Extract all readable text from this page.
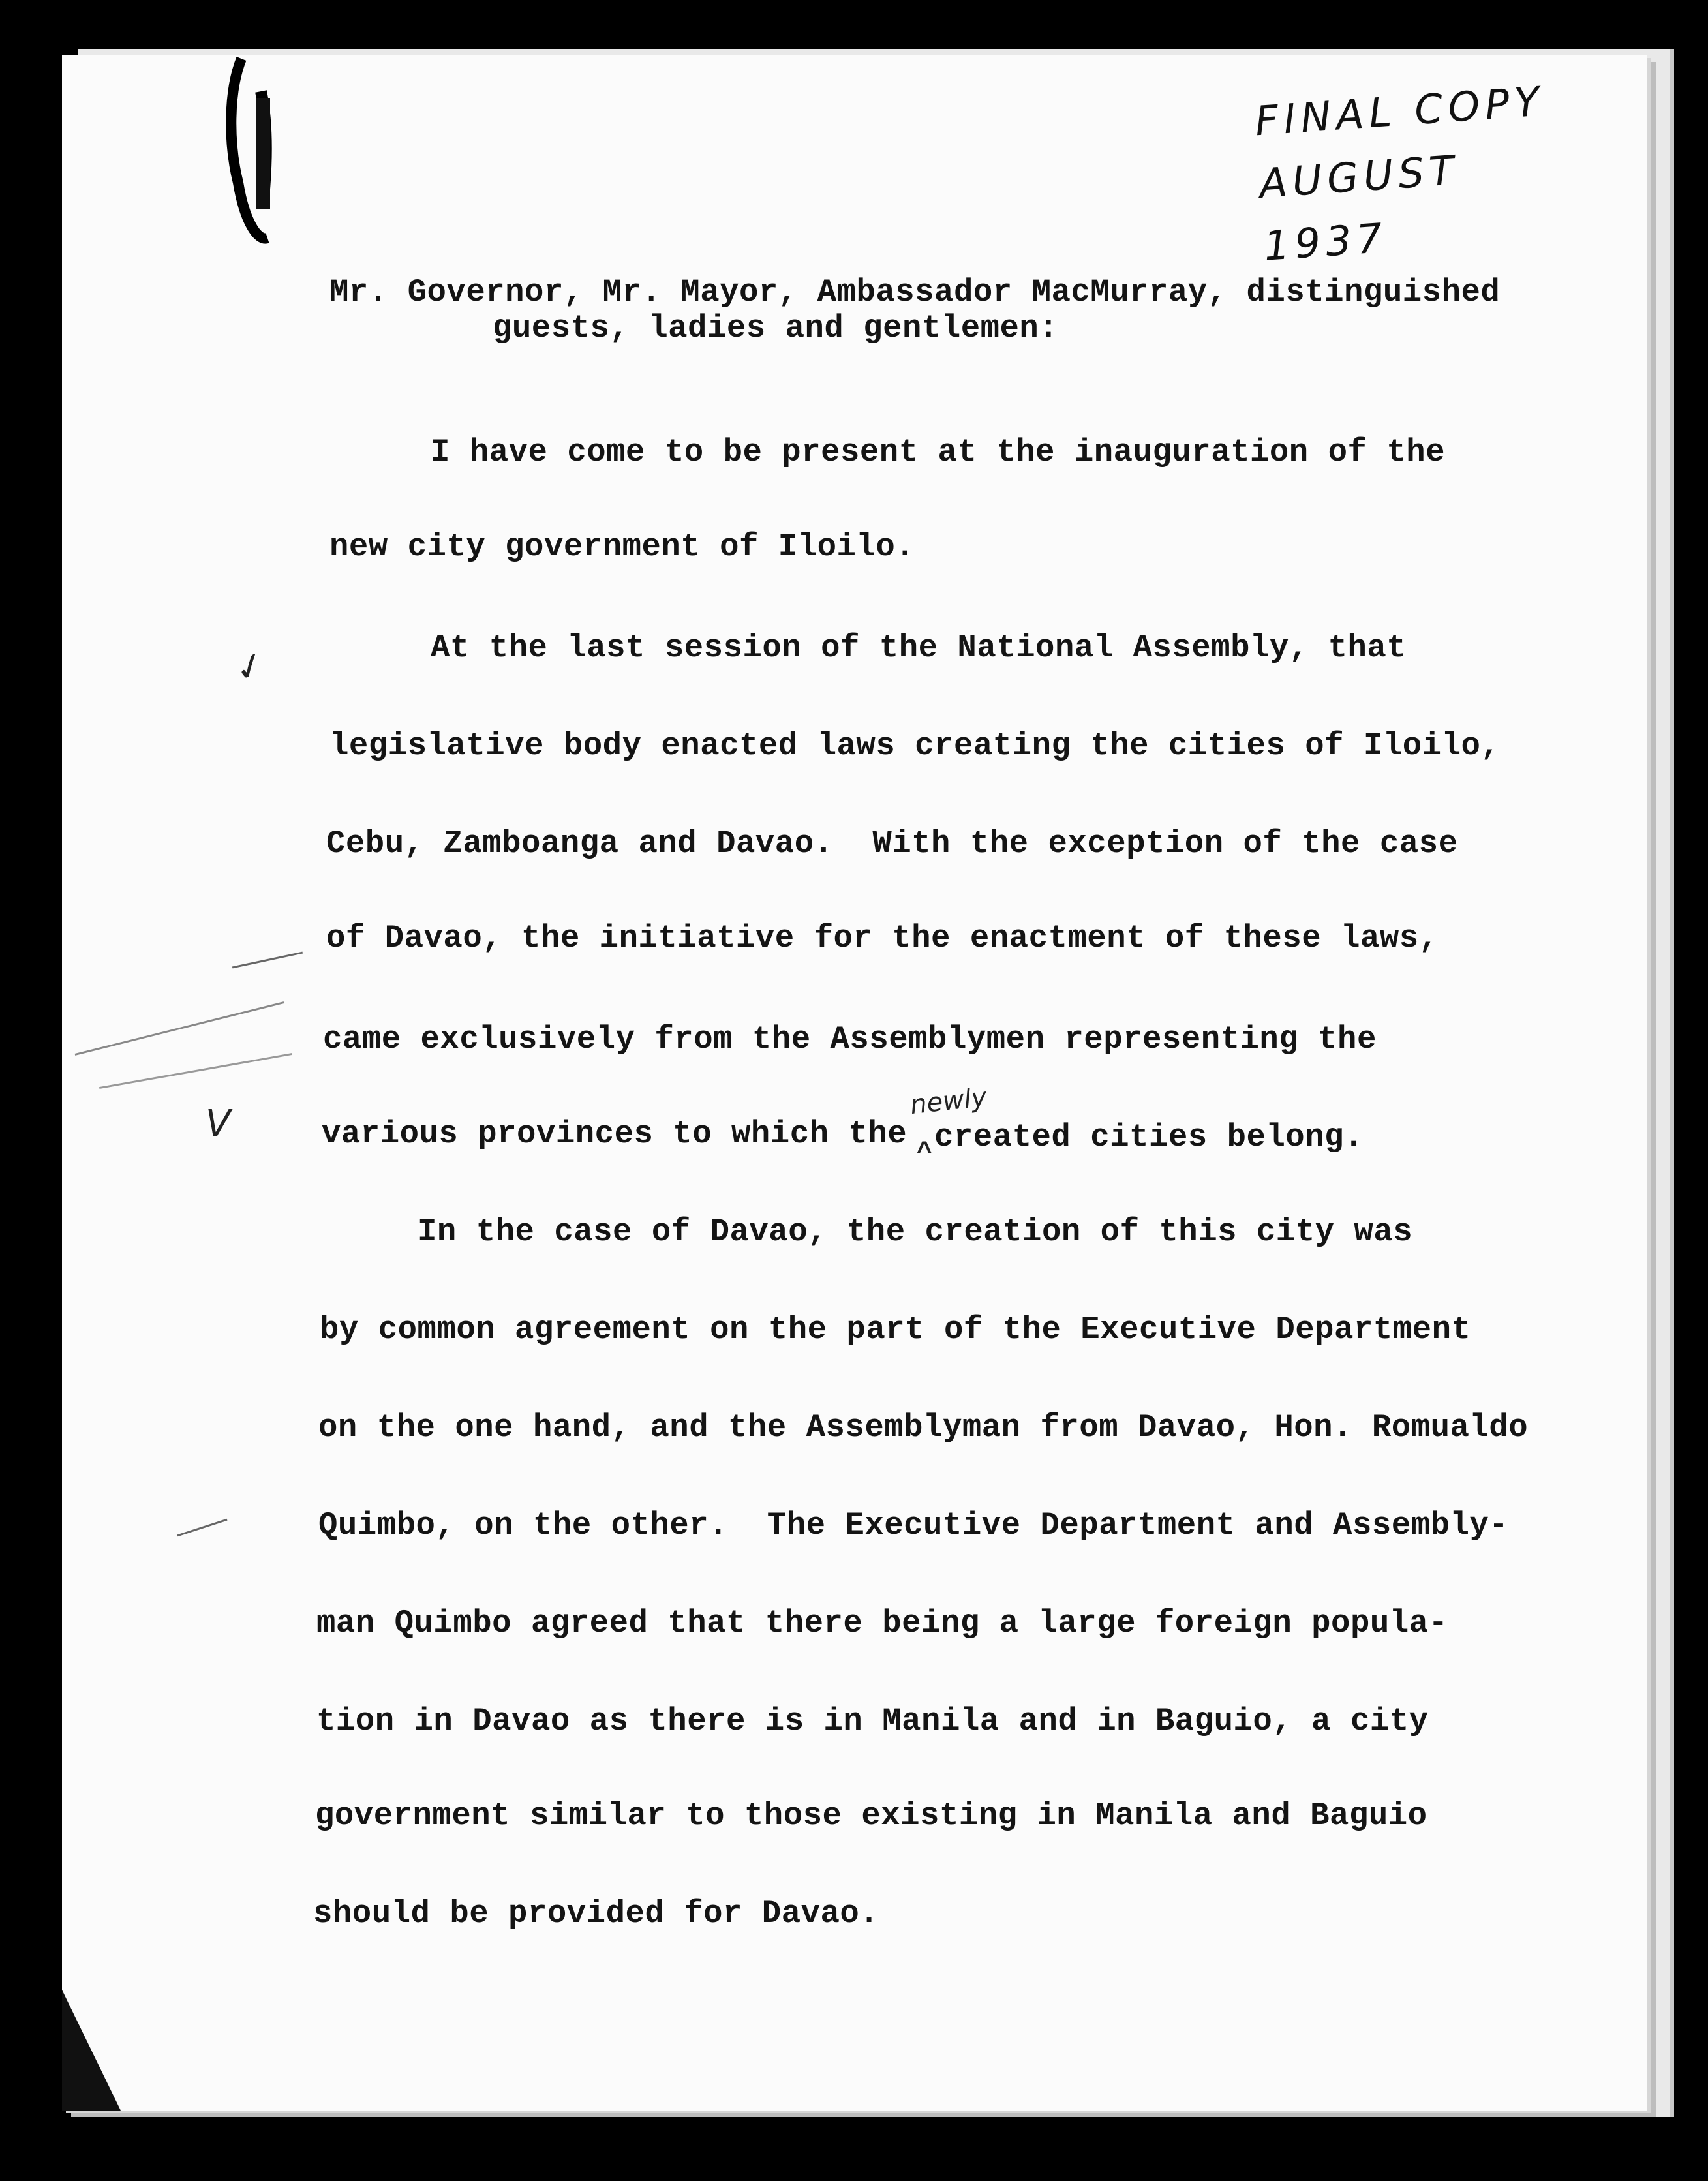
FINAL COPY
AUGUST 1937
Mr. Governor, Mr. Mayor, Ambassador MacMurray, distinguished
guests, ladies and gentlemen:
I have come to be present at the inauguration of the
new city government of Iloilo.
At the last session of the National Assembly, that
legislative body enacted laws creating the cities of Iloilo,
Cebu, Zamboanga and Davao.  With the exception of the case
of Davao, the initiative for the enactment of these laws,
came exclusively from the Assemblymen representing the
various provinces to which the created cities belong.
newly
^
In the case of Davao, the creation of this city was
by common agreement on the part of the Executive Department
on the one hand, and the Assemblyman from Davao, Hon. Romualdo
Quimbo, on the other.  The Executive Department and Assembly-
man Quimbo agreed that there being a large foreign popula-
tion in Davao as there is in Manila and in Baguio, a city
government similar to those existing in Manila and Baguio
should be provided for Davao.
✓
V
